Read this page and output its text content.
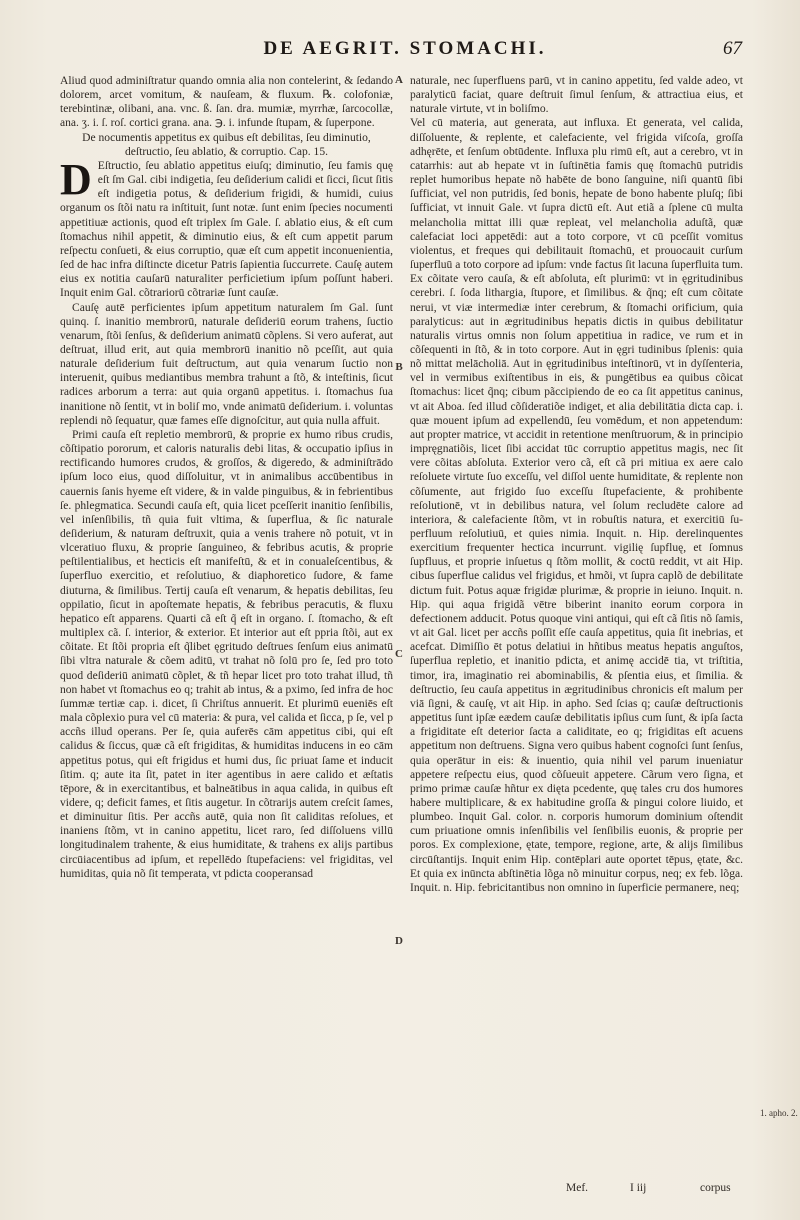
DE AEGRIT. STOMACHI.	67

Aliud quod adminiſtratur quando omnia alia non contelerint, & ſedando dolorem, arcet vomitum, & nauſeam, & fluxum. ℞. colofoniæ, terebintinæ, olibani, ana. vnc. ß. ſan. dra. mumiæ, myrrhæ, ſarcocollæ, ana. ʒ. i. ſ. roſ. cortici grana. ana. ℈. i. infunde ſtupam, & ſuperpone.

De nocumentis appetitus ex quibus eſt debilitas, ſeu diminutio, deſtructio, ſeu ablatio, & corruptio. Cap. 15.

D Eſtructio, ſeu ablatio appetitus eiuſq; diminutio, ſeu famis quę eſt ſm Gal. cibi indigetia, ſeu deſiderium calidi et ſicci, ſicut ſitis eſt indigetia potus, & deſiderium frigidi, & humidi, cuius organum os ſtõi natu ra inſtituit, ſunt notæ. ſunt enim ſpecies nocumenti appetitiuæ actionis, quod eſt triplex ſm Gale. ſ. ablatio eius, & eſt cum ſtomachus nihil appetit, & diminutio eius, & eſt cum appetit parum reſpectu conſueti, & eius corruptio, quæ eſt cum appetit inconuenientia, ſed de hac infra diſtincte dicetur Patris ſapientia ſuccurrete. Cauſę autem eius ex notitia cauſarū naturaliter perficietium ipſum poſſunt haberi. Inquit enim Gal. cõtrariorū cõtrariæ ſunt cauſæ.

Cauſę autē perficientes ipſum appetitum naturalem ſm Gal. ſunt quinq. ſ. inanitio membrorū, naturale deſideriū eorum trahens, ſuctio venarum, ſtõi ſenſus, & deſiderium animatū cõplens. Si vero auferat, aut deſtruat, illud erit, aut quia membrorū inanitio nõ pceſſit, aut quia naturale deſiderium fuit deſtructum, aut quia venarum ſuctio non interuenit, quibus mediantibus membra trahunt a ſtõ, & inteſtinis, ſicut radices arborum a terra: aut quia organū appetitus. i. ſtomachus ſua inanitione nõ ſentit, vt in boliſ mo, vnde animatū deſiderium. i. voluntas replendi nõ ſequatur, quæ fames eſſe dignoſcitur, aut quia nulla affuit.

Primi cauſa eſt repletio membrorū, & proprie ex humo ribus crudis, cõſtipatio pororum, et caloris naturalis debi litas, & occupatio ipſius in rectificando humores crudos, & groſſos, & digeredo, & adminiſtrādo ipſum loco eius, quod diſſoluitur, vt in animalibus accūbentibus in cauernis ſanis hyeme eſt videre, & in valde pinguibus, & in febrientibus ſe. phlegmatica. Secundi cauſa eſt, quia licet pceſſerit inanitio ſenſibilis, vel inſenſibilis, tñ quia fuit vltima, & ſuperflua, & ſic naturale deſiderium, & naturam deſtruxit, quia a venis trahere nõ potuit, vt in vlceratiuo fluxu, & proprie ſanguineo, & febribus acutis, & proprie peſtilentialibus, et hecticis eſt manifeſtū, & et in conualeſcentibus, & ſuperfluo exercitio, et reſolutiuo, & diaphoretico ſudore, & fame diuturna, & ſimilibus. Tertij cauſa eſt venarum, & hepatis debilitas, ſeu oppilatio, ſicut in apoſtemate hepatis, & febribus peracutis, & fluxu hepatico eſt apparens. Quarti cã eſt q̃ eſt in organo. ſ. ſtomacho, & eſt multiplex cã. ſ. interior, & exterior. Et interior aut eſt ppria ſtõi, aut ex cõitate. Et ſtõi propria eſt q̃libet ęgritudo deſtrues ſenſum eius animatū ſibi vltra naturale & cõem aditū, vt trahat nõ ſolū pro ſe, ſed pro toto quod deſideriū animatū cõplet, & tñ hepar licet pro toto trahat illud, tñ non habet vt ſtomachus eo q; trahit ab intus, & a pximo, ſed infra de hoc ſummæ tertiæ cap. i. dicet, ſi Chriſtus annuerit. Et plurimū eueniēs eſt mala cõplexio pura vel cū materia: & pura, vel calida et ſicca, p ſe, vel p accñs illud operans. Per ſe, quia auferēs cām appetitus cibi, qui eſt calidus & ſiccus, quæ cã eſt frigiditas, & humiditas inducens in eo cām appetitus potus, qui eſt frigidus et humi dus, ſic priuat ſame et inducit ſitim. q; aute ita ſit, patet in iter agentibus in aere calido et æſtatis tēpore, & in exercitantibus, et balneātibus in aqua calida, in quibus eſt videre, q; deficit fames, et ſitis augetur. In cõtrarijs autem creſcit ſames, et diminuitur ſitis. Per accñs autē, quia non ſit caliditas reſolues, et inaniens ſtõm, vt in canino appetitu, licet raro, ſed diſſoluens villū longitudinalem trahente, & eius humiditate, & trahens ex alijs partibus circūiacentibus ad ipſum, et repellēdo ſtupefaciens: vel frigiditas, vel humiditas, quia nõ ſit temperata, vt pdicta cooperansad

naturale, nec ſuperfluens parū, vt in canino appetitu, ſed valde adeo, vt paralyticū faciat, quare deſtruit ſimul ſenſum, & attractiua eius, et naturale virtute, vt in boliſmo.

Vel cū materia, aut generata, aut influxa. Et generata, vel calida, diſſoluente, & replente, et calefaciente, vel frigida viſcoſa, groſſa adhęrēte, et ſenſum obtūdente. Influxa plu rimū eſt, aut a cerebro, vt in catarrhis: aut ab hepate vt in ſuſtinētia famis quę ſtomachū putridis replet humoribus hepate nõ habēte de bono ſanguine, niſi quantū ſibi ſufficiat, vel non putridis, ſed bonis, hepate de bono habente pluſq; ſibi ſufficiat, vt innuit Gale. vt ſupra dictū eſt. Aut etiã a ſplene cū multa melancholia mittat illi quæ repleat, vel melancholia aduſtã, quæ calefaciat loci appetēdi: aut a toto corpore, vt cū pceſſit vomitus violentus, et freques qui debilitauit ſtomachū, et prouocauit curſum ſuperfluū a toto corpore ad ipſum: vnde factus ſit lacuna ſuperfluita tum. Ex cõitate vero cauſa, & eſt abſoluta, eſt plurimū: vt in ęgritudinibus cerebri. ſ. ſoda lithargia, ſtupore, et ſimilibus. & q̃nq; eſt cum cõitate nerui, vt viæ intermediæ inter cerebrum, & ſtomachi orificium, quia paralyticus: aut in ægritudinibus hepatis dictis in quibus debilitatur naturalis virtus omnis non ſolum appetitiua in radice, ve rum et in cõſequenti in ſtõ, & in toto corpore. Aut in ęgri tudinibus ſplenis: quia nõ mittat melācholiā. Aut in ęgritudinibus inteſtinorū, vt in dyſſenteria, vel in vermibus exiſtentibus in eis, & pungētibus ea quibus cõicat ſtomachus: licet q̃nq; cibum pãccipiendo de eo ca ſit appetitus caninus, vt ait Aboa. ſed illud cõſideratiõe indiget, et alia debilitātia dicta cap. i. quæ mouent ipſum ad expellendū, ſeu vomēdum, et non appetendum: aut propter matrice, vt accidit in retentione menſtruorum, & in principio impręgnatiõis, licet ſibi accidat tūc corruptio appetitus magis, nec ſit vere cõitas abſoluta. Exterior vero cã, eſt cã pri mitiua ex aere calo reſoluete virtute ſuo exceſſu, vel diſſol uente humiditate, & replente non cõſumente, aut frigido ſuo exceſſu ſtupefaciente, & prohibente reſolutionē, vt in debilibus natura, vel ſolum recludēte calore ad interiora, & calefaciente ſtõm, vt in robuſtis natura, et exercitiū ſuperfluum reſolutiuū, et quies nimia. Inquit. n. Hip. derelinquentes exercitium frequenter hectica incurrunt. vigilię ſupfluę, et ſomnus ſupfluus, et proprie inſuetus q ſtõm mollit, & coctū reddit, vt ait Hip. cibus ſuperflue calidus vel frigidus, et hmõi, vt ſupra caplõ de debilitate dictum fuit. Potus aquæ frigidæ plurimæ, & proprie in ieiuno. Inquit. n. Hip. qui aqua frigidã vētre biberint inanito eorum corpora in defectionem adducit. Potus quoque vini antiqui, qui eſt cã ſitis nõ ſamis, vt ait Gal. licet per accñs poſſit eſſe cauſa appetitus, quia ſit inebrias, et acefcat. Dimiſſio ēt potus delatiui in hñtibus meatus hepatis anguſtos, ſuperflua repletio, et inanitio pdicta, et animę accidē tia, vt triſtitia, timor, ira, imaginatio rei abominabilis, & pſentia eius, et ſimilia. & deſtructio, ſeu cauſa appetitus in ægritudinibus chronicis eſt malum per viā ſigni, & cauſę, vt ait Hip. in apho. Sed ſcias q; cauſæ deſtructionis appetitus ſunt ipſæ eædem cauſæ debilitatis ipſius cum ſunt, & ipſa ſacta a frigiditate eſt deterior ſacta a caliditate, eo q; frigiditas eſt acuens appetitum non deſtruens. Signa vero quibus habent cognoſci ſunt ſenſus, quia operātur in eis: & inuentio, quia nihil vel parum inueniatur appetere reſpectu eius, quod cõſueuit appetere. Cãrum vero ſigna, et primo primæ cauſæ hñtur ex dięta pcedente, quę tales cru dos humores habere multiplicare, & ex habitudine groſſa & pingui colore liuido, et plumbeo. Inquit Gal. color. n. corporis humorum dominium oſtendit cum priuatione omnis inſenſibilis vel ſenſibilis euonis, & proprie per poros. Ex complexione, ętate, tempore, regione, arte, & alijs ſimilibus circūſtantijs. Inquit enim Hip. contēplari aute oportet tēpus, ętate, &c. Et quia ex inūncta abſtinētia lõga nõ minuitur corpus, neq; ex feb. lõga. Inquit. n. Hip. febricitantibus non omnino in ſuperficie permanere, neq;

A
B
C
D
1. apho. 2.
Mef.	I iij	corpus
